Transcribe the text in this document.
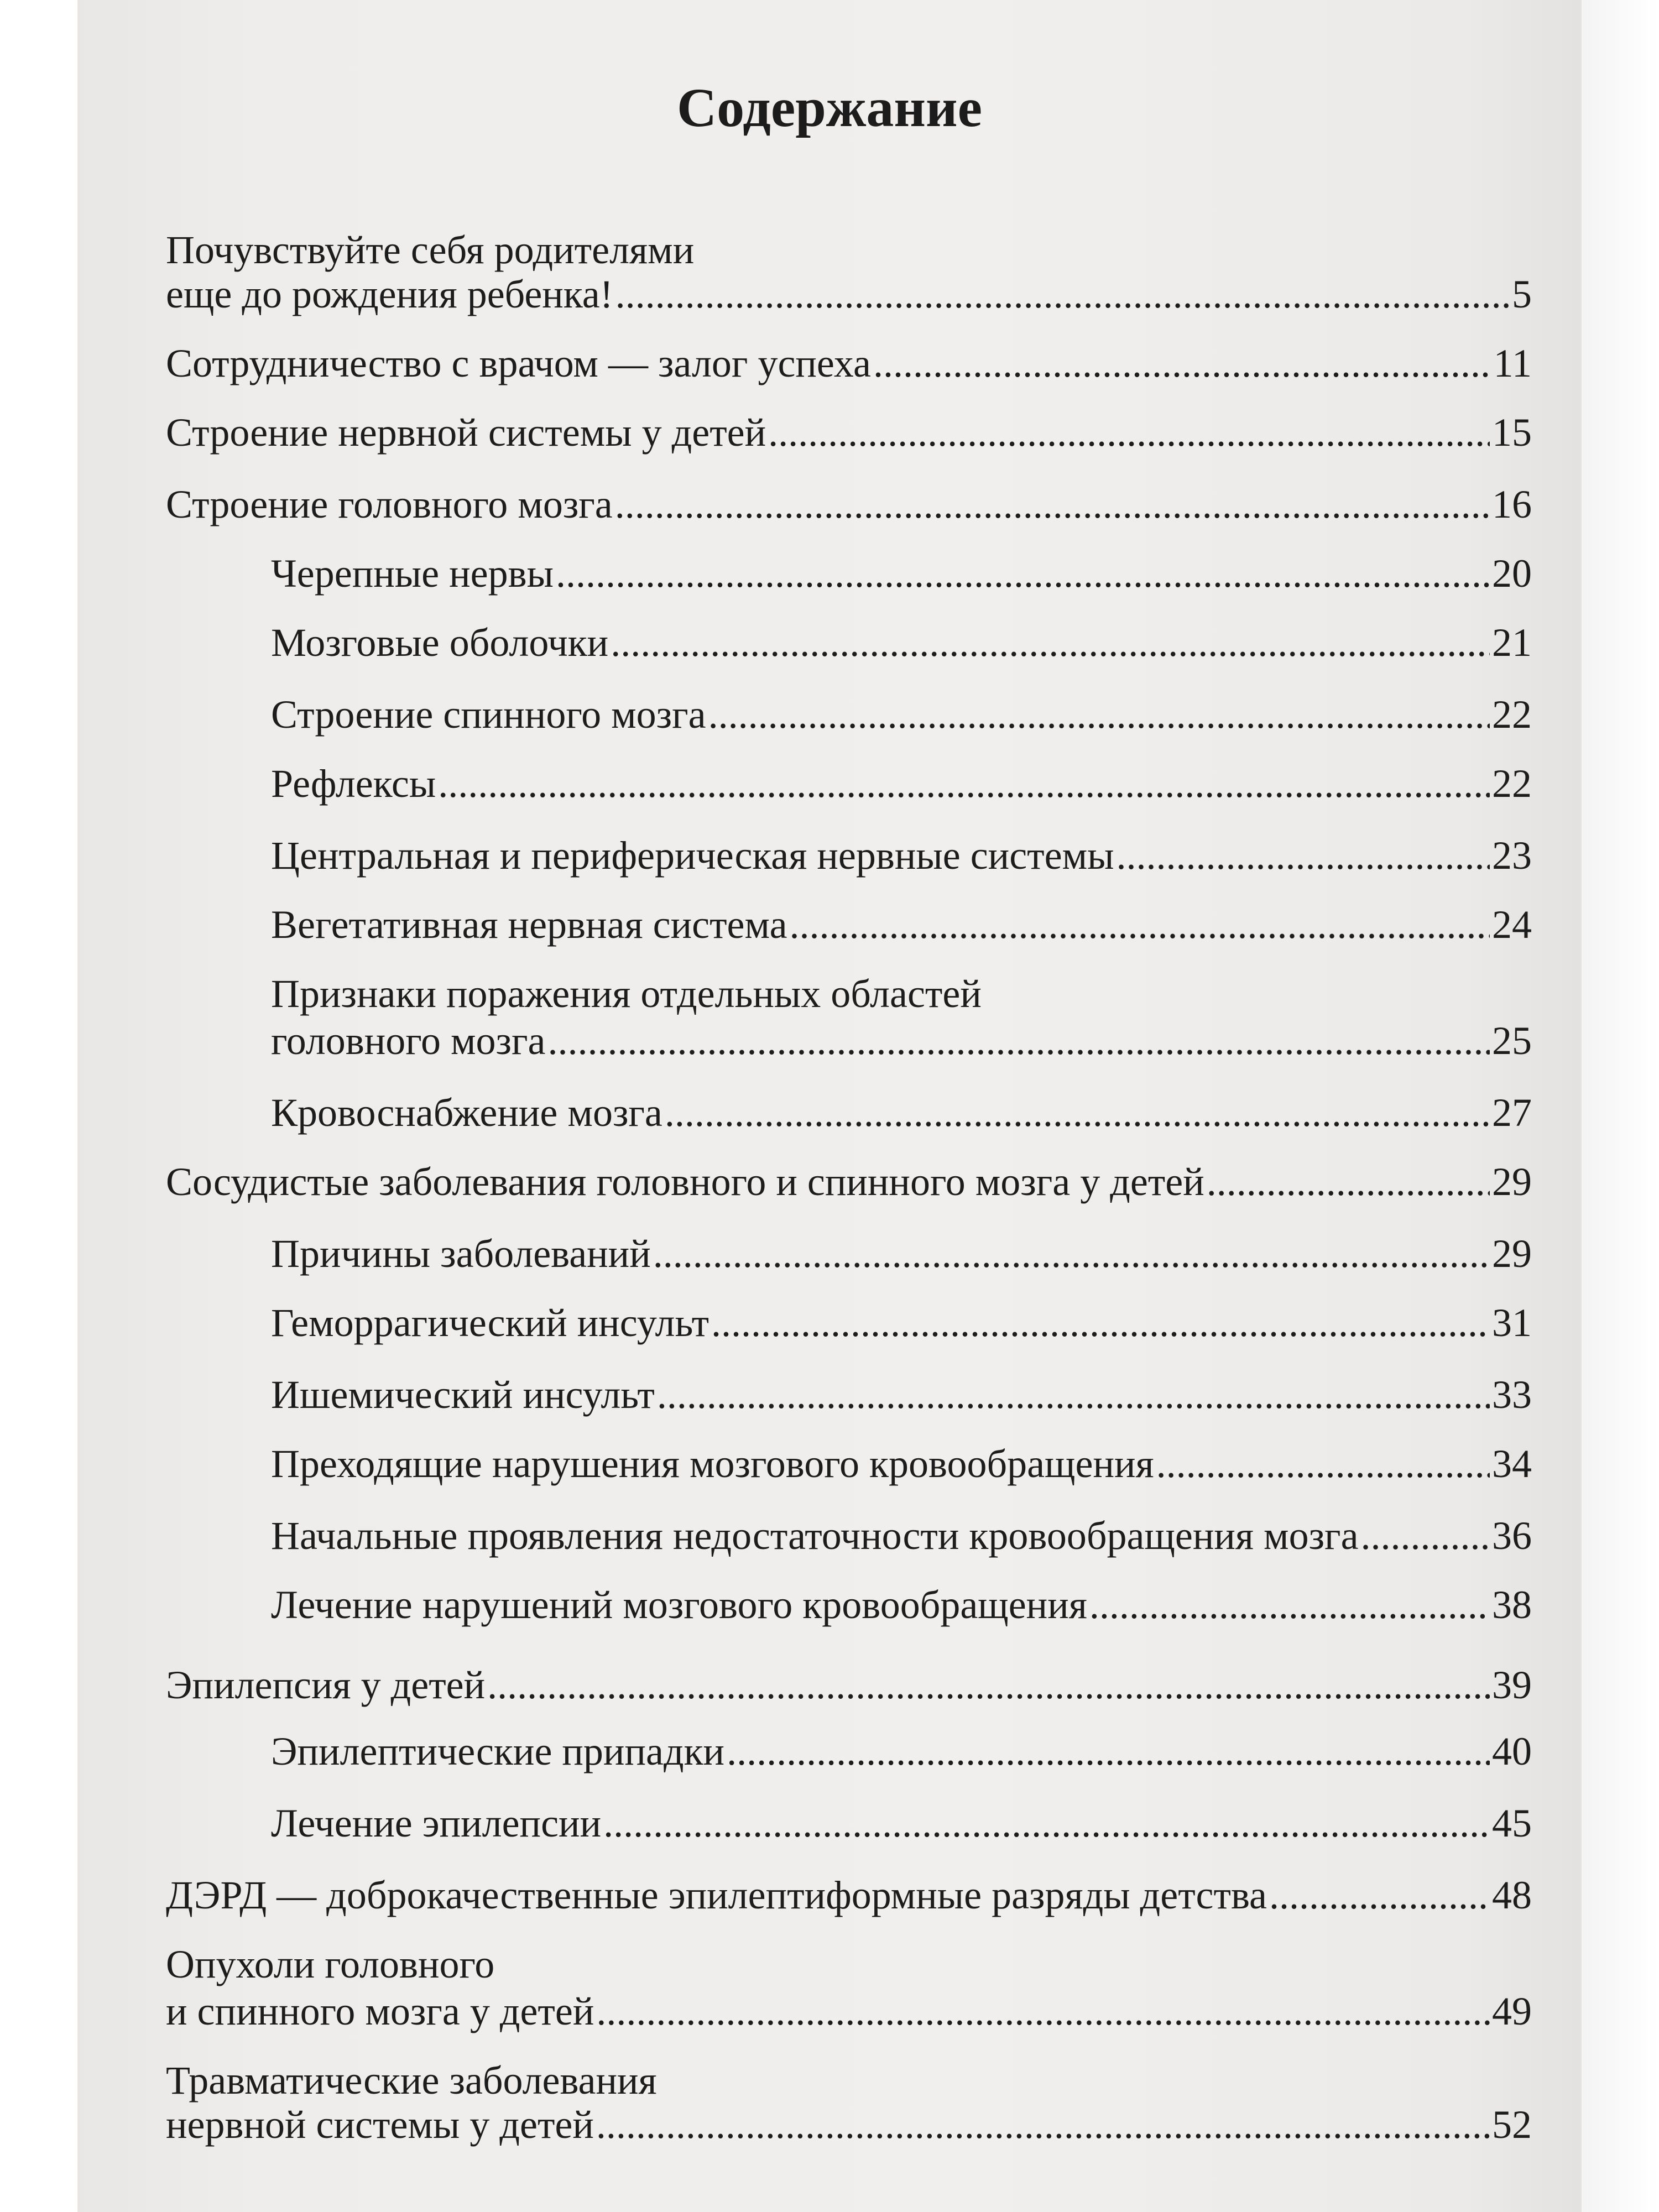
Содержание
Почувствуйте себя родителями
еще до рождения ребенка! .....	5
Сотрудничество с врачом — залог успеха .....	11
Строение нервной системы у детей .....	15
Строение головного мозга .....	16
Черепные нервы .....	20
Мозговые оболочки .....	21
Строение спинного мозга .....	22
Рефлексы .....	22
Центральная и периферическая нервные системы .....	23
Вегетативная нервная система .....	24
Признаки поражения отдельных областей
головного мозга .....	25
Кровоснабжение мозга .....	27
Сосудистые заболевания головного и спинного мозга у детей .....	29
Причины заболеваний .....	29
Геморрагический инсульт .....	31
Ишемический инсульт .....	33
Преходящие нарушения мозгового кровообращения .....	34
Начальные проявления недостаточности кровообращения мозга .....	36
Лечение нарушений мозгового кровообращения .....	38
Эпилепсия у детей .....	39
Эпилептические припадки .....	40
Лечение эпилепсии .....	45
ДЭРД — доброкачественные эпилептиформные разряды детства .....	48
Опухоли головного
и спинного мозга у детей .....	49
Травматические заболевания
нервной системы у детей .....	52
